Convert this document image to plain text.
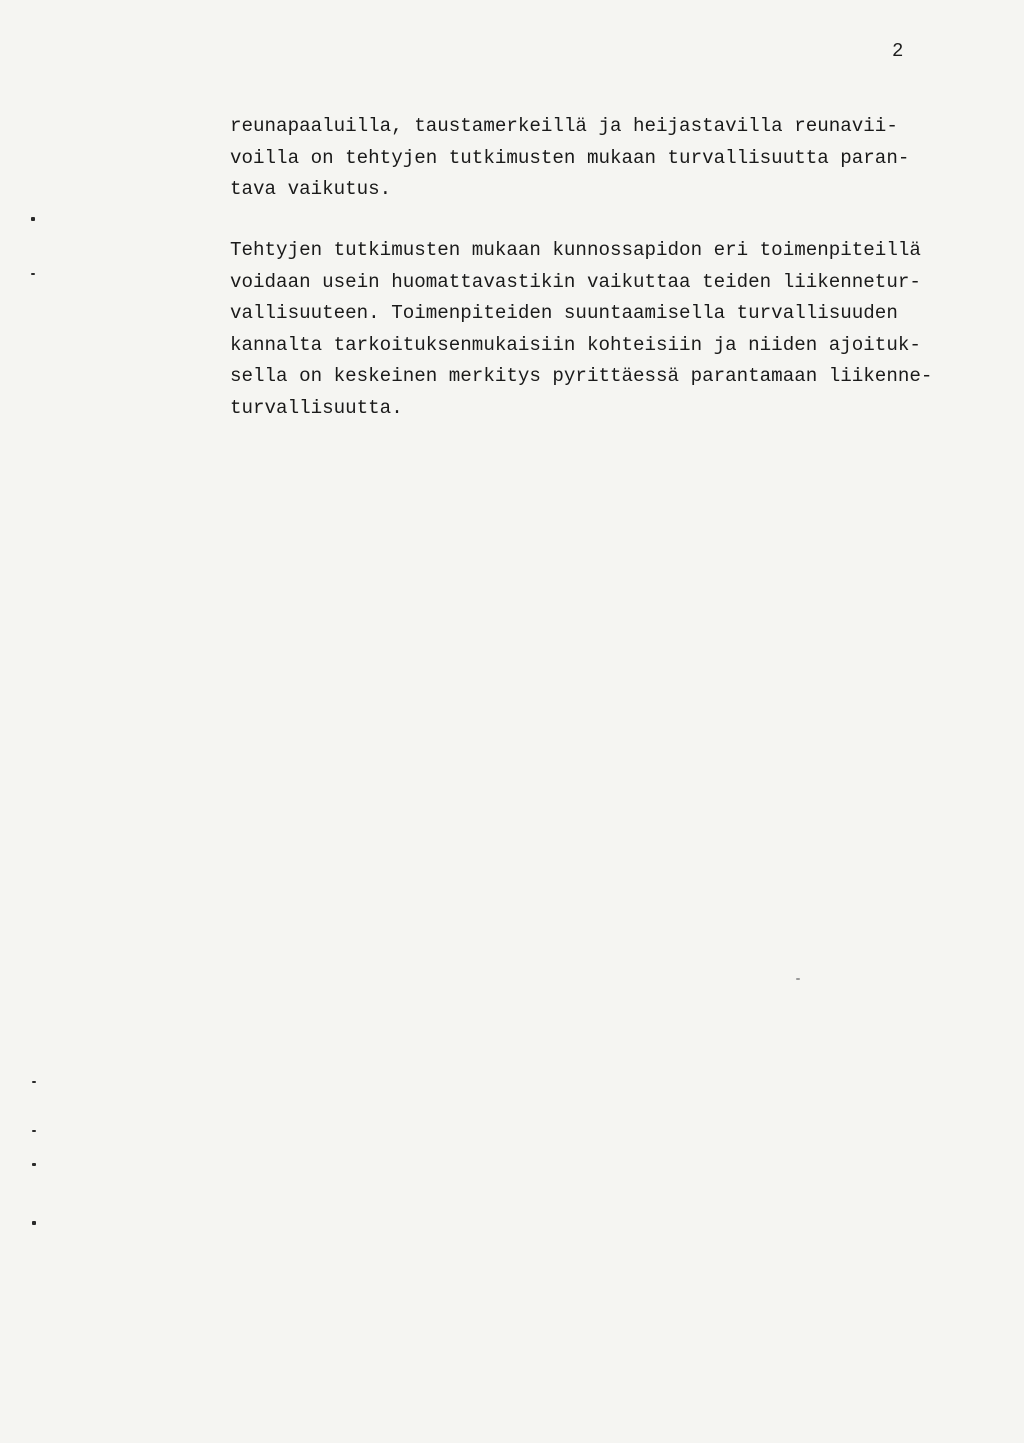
2
reunapaaluilla, taustamerkeillä ja heijastavilla reunavii-
voilla on tehtyjen tutkimusten mukaan turvallisuutta paran-
tava vaikutus.
Tehtyjen tutkimusten mukaan kunnossapidon eri toimenpiteillä
voidaan usein huomattavastikin vaikuttaa teiden liikennetur-
vallisuuteen. Toimenpiteiden suuntaamisella turvallisuuden
kannalta tarkoituksenmukaisiin kohteisiin ja niiden ajoituk-
sella on keskeinen merkitys pyrittäessä parantamaan liikenne-
turvallisuutta.
